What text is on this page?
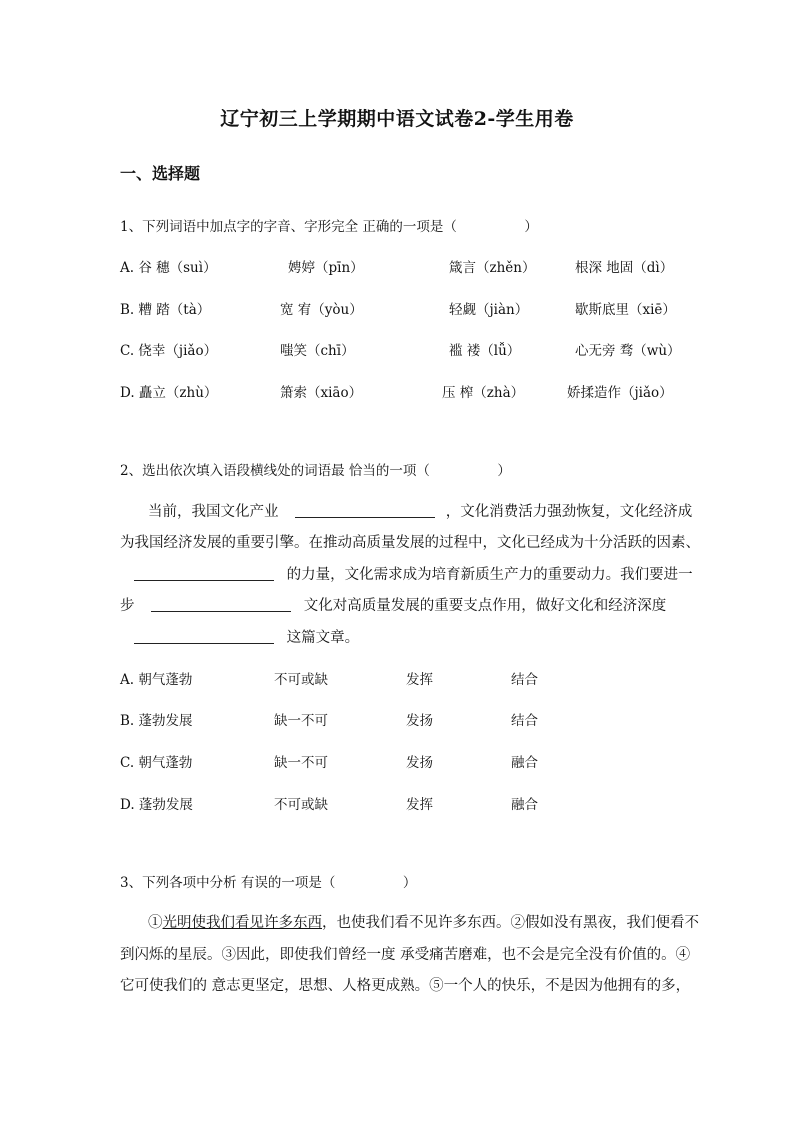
辽宁初三上学期期中语文试卷2-学生用卷
一、选择题
1、下列词语中加点字的字音、字形完全 正确的一项是（　　　　　）
A. 谷 穗（suì）	娉婷（pīn）	箴言（zhěn）	根深 地固（dì）
B. 糟 踏（tà）	宽 宥（yòu）	轻觑（jiàn）	歇斯底里（xiē）
C. 侥幸（jiǎo）	嗤笑（chī）	褴 褛（lǚ）	心无旁 骛（wù）
D. 矗立（zhù）	箫索（xiāo）	压 榨（zhà）	娇揉造作（jiǎo）
2、选出依次填入语段横线处的词语最 恰当的一项（　　　　　）
当前，我国文化产业	，文化消费活力强劲恢复，文化经济成
为我国经济发展的重要引擎。在推动高质量发展的过程中，文化已经成为十分活跃的因素、
的力量，文化需求成为培育新质生产力的重要动力。我们要进一
步	文化对高质量发展的重要支点作用，做好文化和经济深度
这篇文章。
A. 朝气蓬勃	不可或缺	发挥	结合
B. 蓬勃发展	缺一不可	发扬	结合
C. 朝气蓬勃	缺一不可	发扬	融合
D. 蓬勃发展	不可或缺	发挥	融合
3、下列各项中分析 有误的一项是（　　　　　）
①光明使我们看见许多东西，也使我们看不见许多东西。②假如没有黑夜，我们便看不
到闪烁的星辰。③因此，即使我们曾经一度 承受痛苦磨难，也不会是完全没有价值的。④
它可使我们的 意志更坚定，思想、人格更成熟。⑤一个人的快乐，不是因为他拥有的多，
